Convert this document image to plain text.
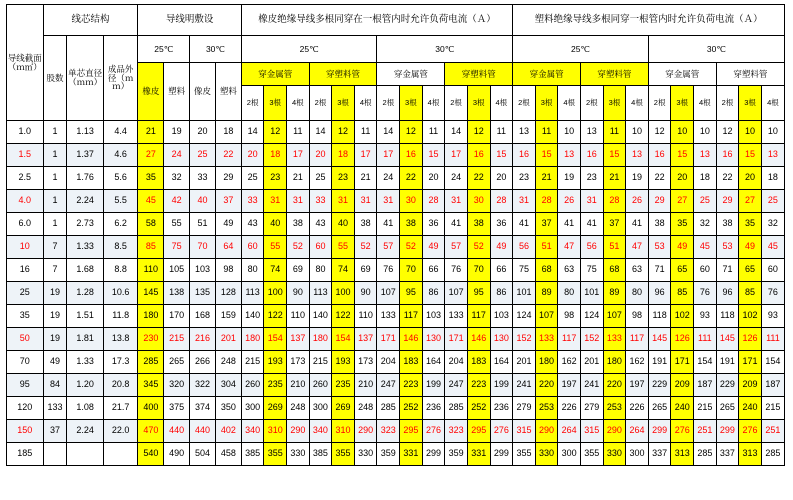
导线截面（ｍ㎡）	线芯结构			导线明敷设				橡皮绝缘导线多根同穿在一根管内时允许负荷电流（Ａ）												塑料绝缘导线多根同穿一根管内时允许负荷电流（Ａ）											
	股数	单芯直径（ｍｍ）	成品外径（ｍｍ）	25℃		30℃		25℃						30℃						25℃						30℃					
				橡皮	塑料	像皮	塑料	穿金属管			穿塑料管			穿金属管			穿塑料管			穿金属管			穿塑料管			穿金属管			穿塑料管		
								2根	3根	4根	2根	3根	4根	2根	3根	4根	2根	3根	4根	2根	3根	4根	2根	3根	4根	2根	3根	4根	2根	3根	4根
1.0	1	1.13	4.4	21	19	20	18	14	12	11	14	12	11	14	12	11	14	12	11	13	11	10	13	11	10	12	10	10	12	10	10
1.5	1	1.37	4.6	27	24	25	22	20	18	17	20	18	17	17	16	15	17	16	15	16	15	13	16	15	13	16	15	13	16	15	13
2.5	1	1.76	5.6	35	32	33	29	25	23	21	25	23	21	24	22	20	24	22	20	23	21	19	23	21	19	22	20	18	22	20	18
4.0	1	2.24	5.5	45	42	40	37	33	31	31	33	31	31	31	30	28	31	30	28	31	28	26	31	28	26	29	27	25	29	27	25
6.0	1	2.73	6.2	58	55	51	49	43	40	38	43	40	38	41	38	36	41	38	36	41	37	41	41	37	41	38	35	32	38	35	32
10	7	1.33	8.5	85	75	70	64	60	55	52	60	55	52	57	52	49	57	52	49	56	51	47	56	51	47	53	49	45	53	49	45
16	7	1.68	8.8	110	105	103	98	80	74	69	80	74	69	76	70	66	76	70	66	75	68	63	75	68	63	71	65	60	71	65	60
25	19	1.28	10.6	145	138	135	128	113	100	90	113	100	90	107	95	86	107	95	86	101	89	80	101	89	80	96	85	76	96	85	76
35	19	1.51	11.8	180	170	168	159	140	122	110	140	122	110	133	117	103	133	117	103	124	107	98	124	107	98	118	102	93	118	102	93
50	19	1.81	13.8	230	215	216	201	180	154	137	180	154	137	171	146	130	171	146	130	152	133	117	152	133	117	145	126	111	145	126	111
70	49	1.33	17.3	285	265	266	248	215	193	173	215	193	173	204	183	164	204	183	164	201	180	162	201	180	162	191	171	154	191	171	154
95	84	1.20	20.8	345	320	322	304	260	235	210	260	235	210	247	223	199	247	223	199	241	220	197	241	220	197	229	209	187	229	209	187
120	133	1.08	21.7	400	375	374	350	300	269	248	300	269	248	285	252	236	285	252	236	279	253	226	279	253	226	265	240	215	265	240	215
150	37	2.24	22.0	470	440	440	402	340	310	290	340	310	290	323	295	276	323	295	276	315	290	264	315	290	264	299	276	251	299	276	251
185				540	490	504	458	385	355	330	385	355	330	359	331	299	359	331	299	355	330	300	355	330	300	337	313	285	337	313	285
